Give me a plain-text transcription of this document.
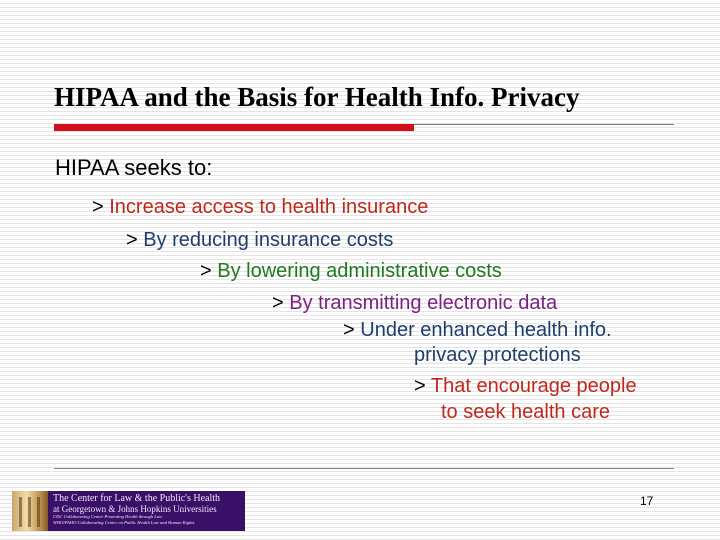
HIPAA and the Basis for Health Info. Privacy
HIPAA seeks to:
> Increase access to health insurance
> By reducing insurance costs
> By lowering administrative costs
> By transmitting electronic data
> Under enhanced health info.
privacy protections
> That encourage people
to seek health care
The Center for Law & the Public's Health
at Georgetown & Johns Hopkins Universities
CDC Collaborating Center Promoting Health through Law
WHO/PAHO Collaborating Center on Public Health Law and Human Rights
17
